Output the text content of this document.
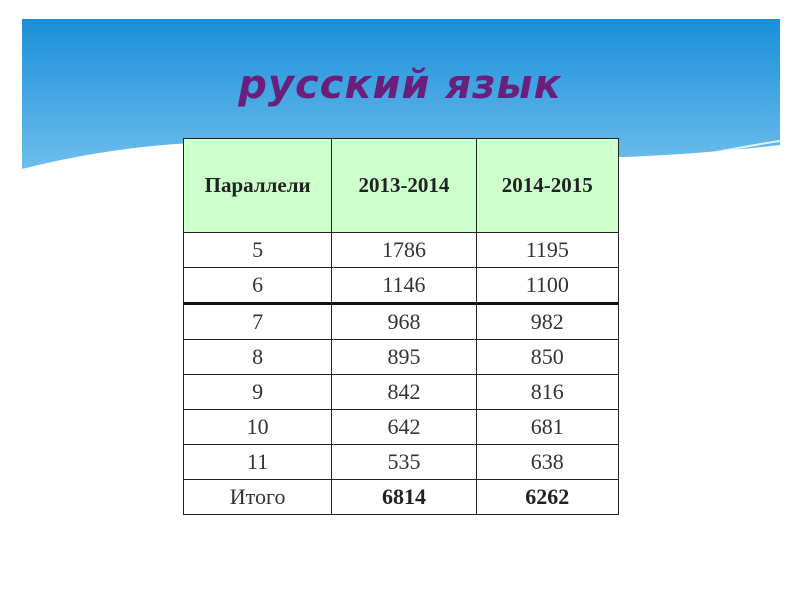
русский язык
Параллели	2013-2014	2014-2015
5	1786	1195
6	1146	1100
7	968	982
8	895	850
9	842	816
10	642	681
11	535	638
Итого	6814	6262
